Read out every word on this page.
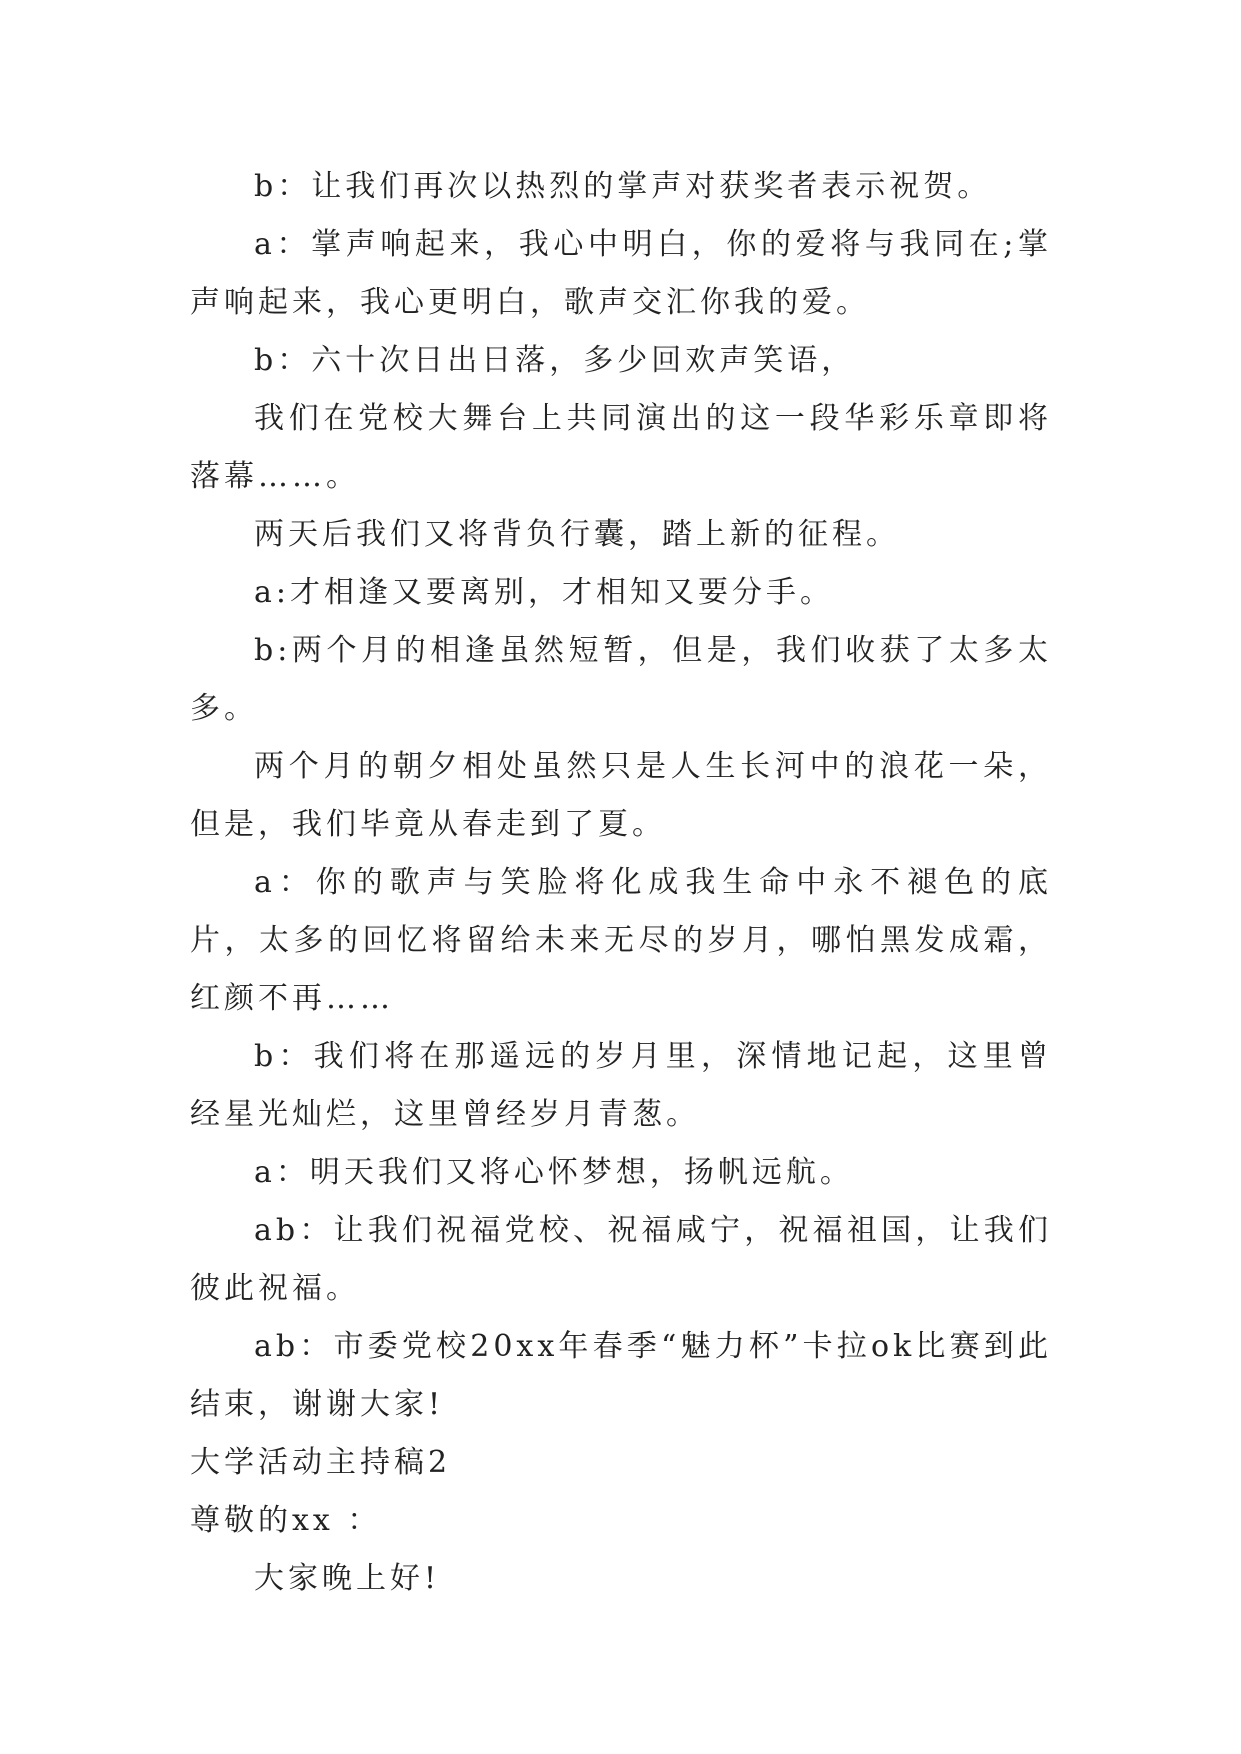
b：让我们再次以热烈的掌声对获奖者表示祝贺。

a：掌声响起来，我心中明白，你的爱将与我同在;掌声响起来，我心更明白，歌声交汇你我的爱。

b：六十次日出日落，多少回欢声笑语，

我们在党校大舞台上共同演出的这一段华彩乐章即将落幕……。

两天后我们又将背负行囊，踏上新的征程。

a:才相逢又要离别，才相知又要分手。

b:两个月的相逢虽然短暂，但是，我们收获了太多太多。

两个月的朝夕相处虽然只是人生长河中的浪花一朵，但是，我们毕竟从春走到了夏。

a：你的歌声与笑脸将化成我生命中永不褪色的底片，太多的回忆将留给未来无尽的岁月，哪怕黑发成霜，红颜不再……

b：我们将在那遥远的岁月里，深情地记起，这里曾经星光灿烂，这里曾经岁月青葱。

a：明天我们又将心怀梦想，扬帆远航。

ab：让我们祝福党校、祝福咸宁，祝福祖国，让我们彼此祝福。

ab：市委党校20xx年春季“魅力杯”卡拉ok比赛到此结束，谢谢大家!

大学活动主持稿2

尊敬的xx ：

大家晚上好!
